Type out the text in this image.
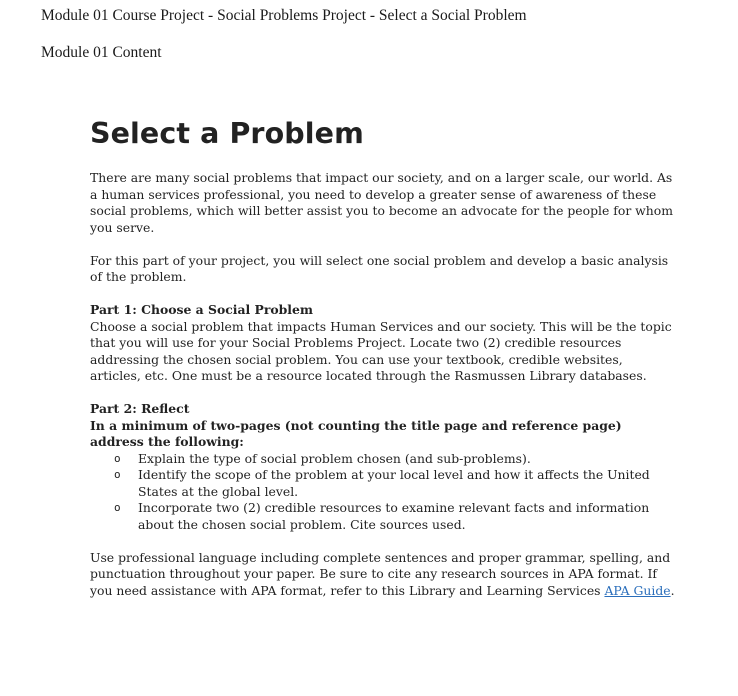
Module 01 Course Project - Social Problems Project - Select a Social Problem
Module 01 Content
Select a Problem

There are many social problems that impact our society, and on a larger scale, our world. As a human services professional, you need to develop a greater sense of awareness of these social problems, which will better assist you to become an advocate for the people for whom you serve.

For this part of your project, you will select one social problem and develop a basic analysis of the problem.

Part 1: Choose a Social Problem
Choose a social problem that impacts Human Services and our society. This will be the topic that you will use for your Social Problems Project. Locate two (2) credible resources addressing the chosen social problem. You can use your textbook, credible websites, articles, etc. One must be a resource located through the Rasmussen Library databases.

Part 2: Reflect
In a minimum of two-pages (not counting the title page and reference page) address the following:
o Explain the type of social problem chosen (and sub-problems).
o Identify the scope of the problem at your local level and how it affects the United States at the global level.
o Incorporate two (2) credible resources to examine relevant facts and information about the chosen social problem. Cite sources used.

Use professional language including complete sentences and proper grammar, spelling, and punctuation throughout your paper. Be sure to cite any research sources in APA format. If you need assistance with APA format, refer to this Library and Learning Services APA Guide.
